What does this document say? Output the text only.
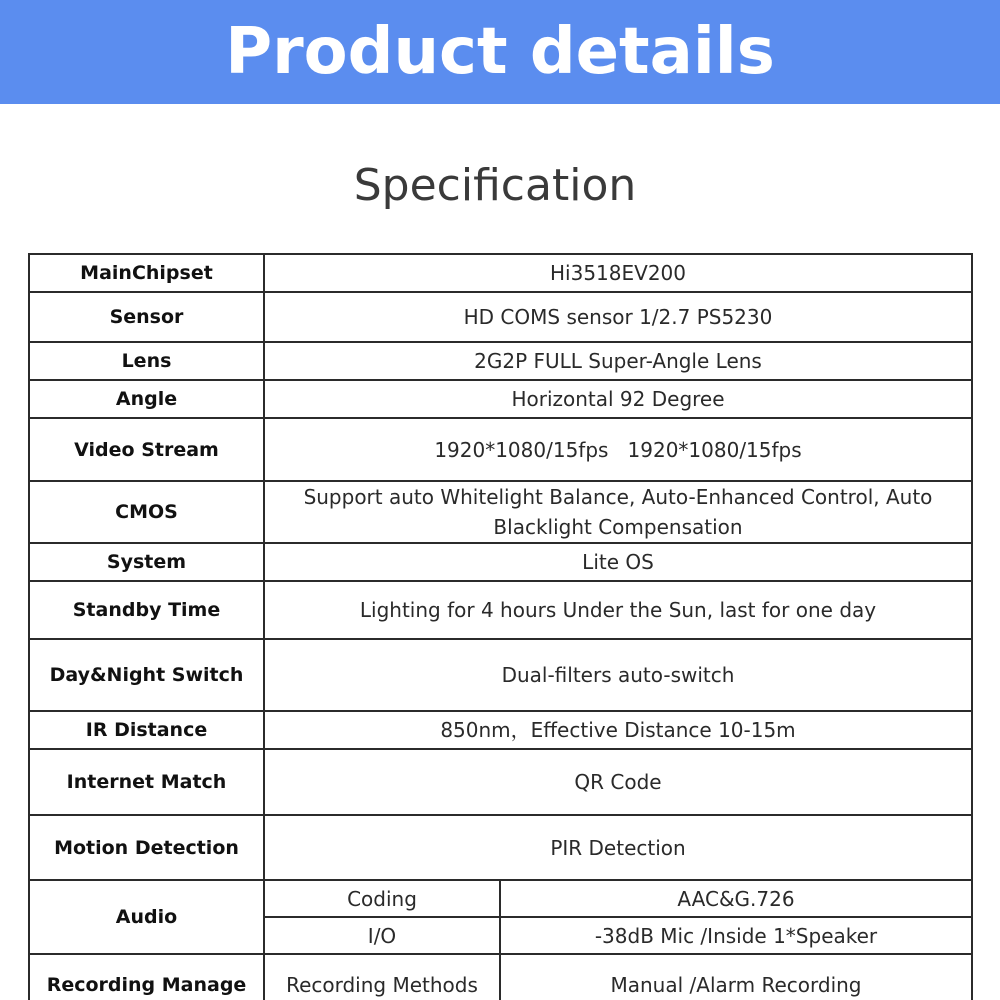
Product details
Specification
MainChipset	Hi3518EV200	
Sensor	HD COMS sensor 1/2.7 PS5230	
Lens	2G2P FULL Super-Angle Lens	
Angle	Horizontal 92 Degree	
Video Stream	1920*1080/15fps   1920*1080/15fps	
CMOS	Support auto Whitelight Balance, Auto-Enhanced Control, Auto Blacklight Compensation	
System	Lite OS	
Standby Time	Lighting for 4 hours Under the Sun, last for one day	
Day&Night Switch	Dual-filters auto-switch	
IR Distance	850nm，Effective Distance 10-15m	
Internet Match	QR Code	
Motion Detection	PIR Detection	
Audio	Coding	AAC&G.726
	I/O	-38dB Mic /Inside 1*Speaker
Recording Manage	Recording Methods	Manual /Alarm Recording
